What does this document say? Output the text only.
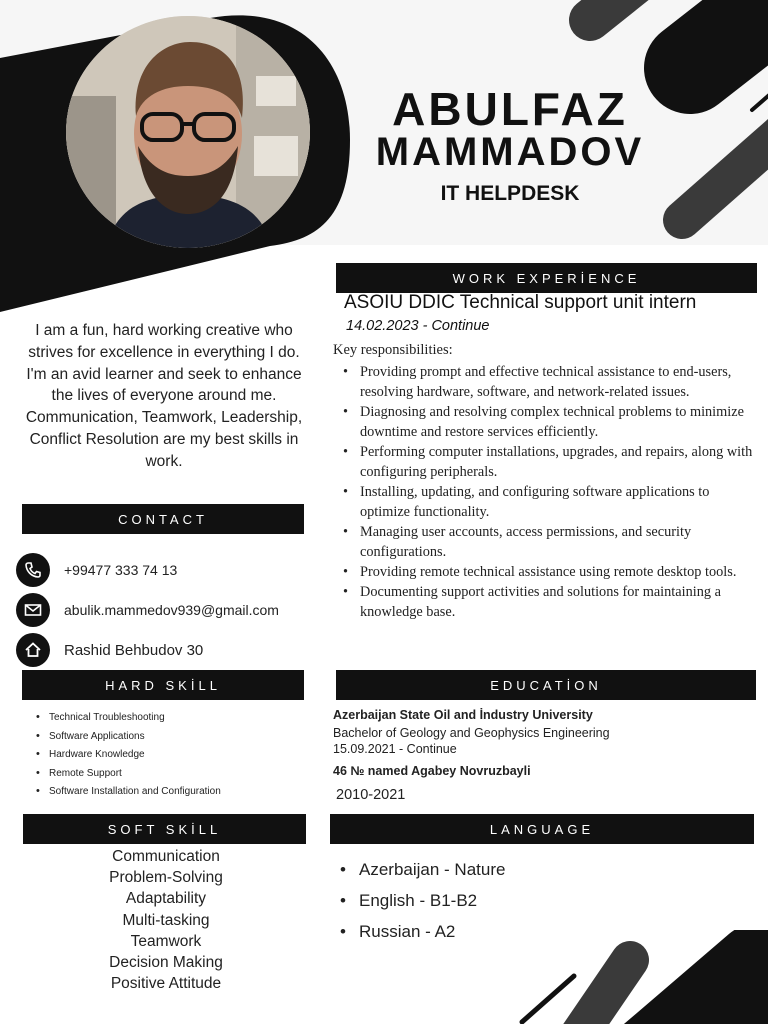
ABULFAZ
MAMMADOV
IT HELPDESK
I am a fun, hard working creative who strives for excellence in everything I do. I'm an avid learner and seek to enhance the lives of everyone around me. Communication, Teamwork, Leadership, Conflict Resolution are my best skills in work.
CONTACT
HARD SKİLL
SOFT SKİLL
WORK EXPERİENCE
EDUCATİON
LANGUAGE
+99477 333 74 13
abulik.mammedov939@gmail.com
Rashid Behbudov 30
• Technical Troubleshooting
• Software Applications
• Hardware Knowledge
• Remote Support
• Software Installation and Configuration
Communication
Problem-Solving
Adaptability
Multi-tasking
Teamwork
Decision Making
Positive Attitude
ASOIU DDIC Technical support unit intern
14.02.2023 - Continue
Key responsibilities:
• Providing prompt and effective technical assistance to end-users, resolving hardware, software, and network-related issues.
• Diagnosing and resolving complex technical problems to minimize downtime and restore services efficiently.
• Performing computer installations, upgrades, and repairs, along with configuring peripherals.
• Installing, updating, and configuring software applications to optimize functionality.
• Managing user accounts, access permissions, and security configurations.
• Providing remote technical assistance using remote desktop tools.
• Documenting support activities and solutions for maintaining a knowledge base.
Azerbaijan State Oil and İndustry University
Bachelor of Geology and Geophysics Engineering
15.09.2021 - Continue
46 № named Agabey Novruzbayli
2010-2021
• Azerbaijan - Nature
• English - B1-B2
• Russian - A2
